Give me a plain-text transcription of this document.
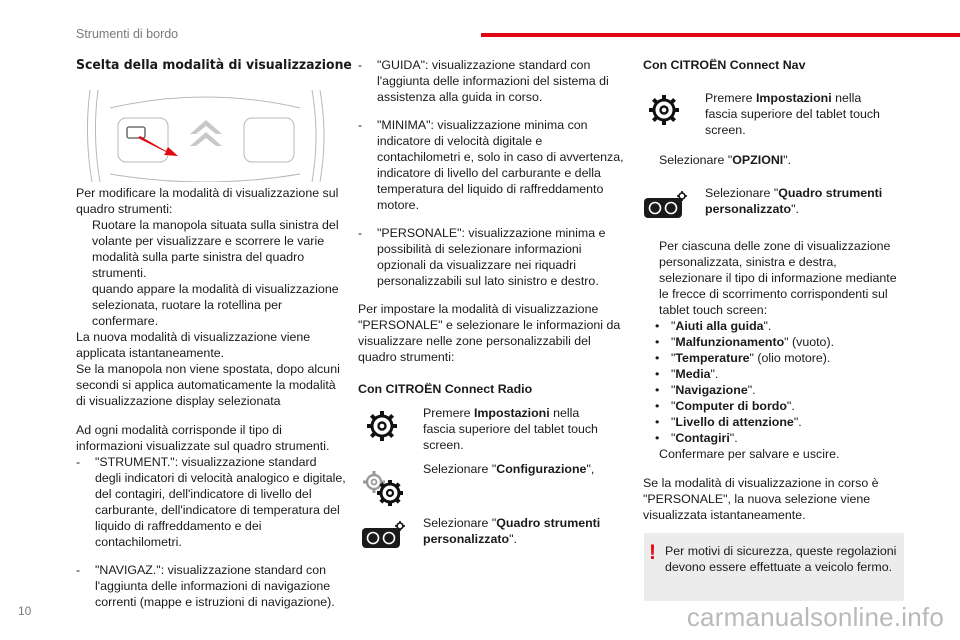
Strumenti di bordo
10	carmanualsonline.info

Scelta della modalità di visualizzazione

Per modificare la modalità di visualizzazione sul quadro strumenti:

Ruotare la manopola situata sulla sinistra del volante per visualizzare e scorrere le varie modalità sulla parte sinistra del quadro strumenti.
quando appare la modalità di visualizzazione selezionata, ruotare la rotellina per confermare.

La nuova modalità di visualizzazione viene applicata istantaneamente.

Se la manopola non viene spostata, dopo alcuni secondi si applica automaticamente la modalità di visualizzazione display selezionata

Ad ogni modalità corrisponde il tipo di informazioni visualizzate sul quadro strumenti.

- "STRUMENT.": visualizzazione standard degli indicatori di velocità analogico e digitale, del contagiri, dell'indicatore di livello del carburante, dell'indicatore di temperatura del liquido di raffreddamento e dei contachilometri.
- "NAVIGAZ.": visualizzazione standard con l'aggiunta delle informazioni di navigazione correnti (mappe e istruzioni di navigazione).
- "GUIDA": visualizzazione standard con l'aggiunta delle informazioni del sistema di assistenza alla guida in corso.
- "MINIMA": visualizzazione minima con indicatore di velocità digitale e contachilometri e, solo in caso di avvertenza, indicatore di livello del carburante e della temperatura del liquido di raffreddamento motore.
- "PERSONALE": visualizzazione minima e possibilità di selezionare informazioni opzionali da visualizzare nei riquadri personalizzabili sul lato sinistro e destro.

Per impostare la modalità di visualizzazione "PERSONALE" e selezionare le informazioni da visualizzare nelle zone personalizzabili del quadro strumenti:

Con CITROËN Connect Radio

Premere Impostazioni nella fascia superiore del tablet touch screen.
Selezionare "Configurazione",
Selezionare "Quadro strumenti personalizzato".

Con CITROËN Connect Nav

Premere Impostazioni nella fascia superiore del tablet touch screen.
Selezionare "OPZIONI".
Selezionare "Quadro strumenti personalizzato".
Per ciascuna delle zone di visualizzazione personalizzata, sinistra e destra, selezionare il tipo di informazione mediante le frecce di scorrimento corrispondenti sul tablet touch screen:
• "Aiuti alla guida".
• "Malfunzionamento" (vuoto).
• "Temperature" (olio motore).
• "Media".
• "Navigazione".
• "Computer di bordo".
• "Livello di attenzione".
• "Contagiri".
Confermare per salvare e uscire.

Se la modalità di visualizzazione in corso è "PERSONALE", la nuova selezione viene visualizzata istantaneamente.

! Per motivi di sicurezza, queste regolazioni devono essere effettuate a veicolo fermo.
